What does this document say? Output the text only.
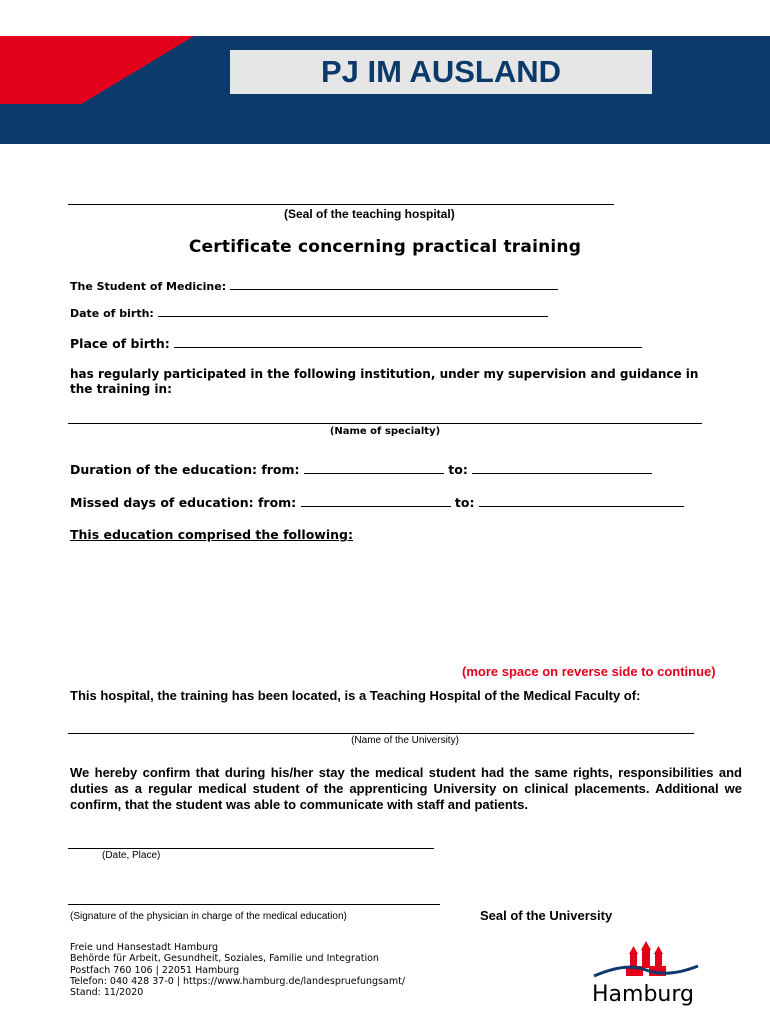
PJ IM AUSLAND
(Seal of the teaching hospital)
Certificate concerning practical training
The Student of Medicine:
Date of birth:
Place of birth:
has regularly participated in the following institution, under my supervision and guidance in the training in:
(Name of specialty)
Duration of the education: from:	to:
Missed days of education: from:	to:
This education comprised the following:
(more space on reverse side to continue)
This hospital, the training has been located, is a Teaching Hospital of the Medical Faculty of:
(Name of the University)
We hereby confirm that during his/her stay the medical student had the same rights, responsibilities and duties as a regular medical student of the apprenticing University on clinical placements. Additional we confirm, that the student was able to communicate with staff and patients.
(Date, Place)
(Signature of the physician in charge of the medical education)	Seal of the University
Freie und Hansestadt Hamburg
Behörde für Arbeit, Gesundheit, Soziales, Familie und Integration
Postfach 760 106 | 22051 Hamburg
Telefon: 040 428 37-0 | https://www.hamburg.de/landespruefungsamt/
Stand: 11/2020	Hamburg
